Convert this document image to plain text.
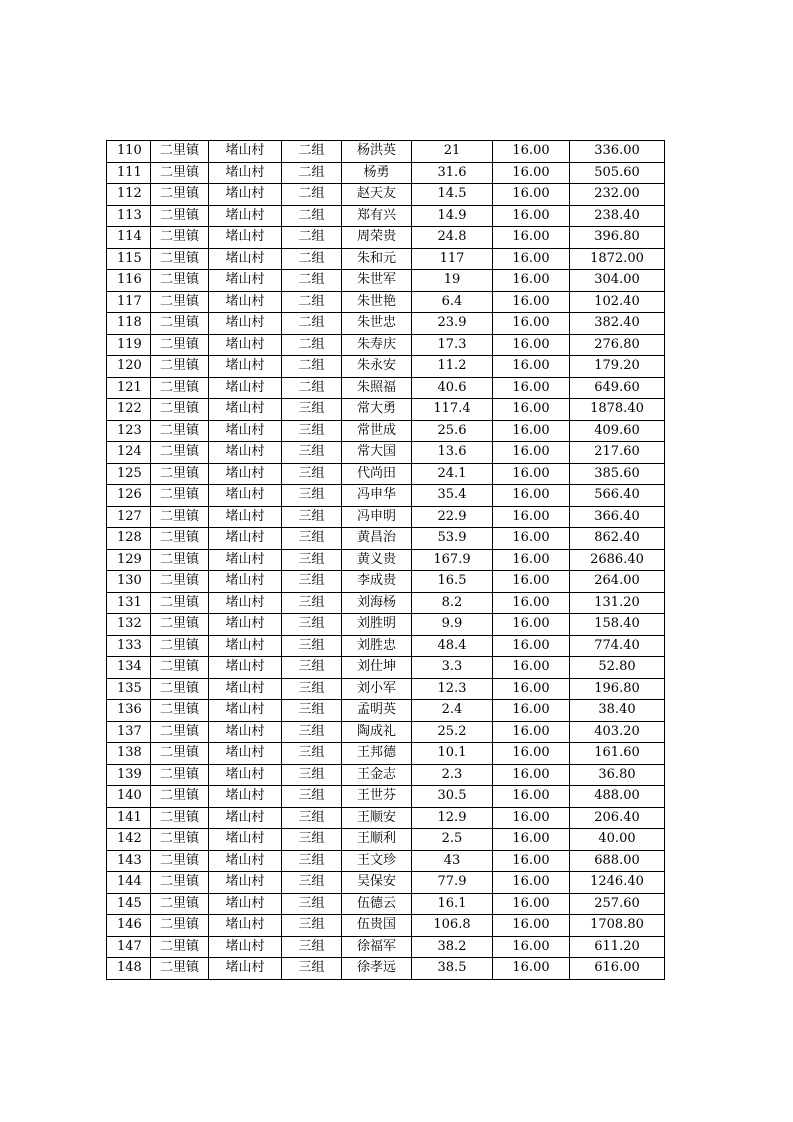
110	二里镇	堵山村	二组	杨洪英	21	16.00	336.00
111	二里镇	堵山村	二组	杨勇	31.6	16.00	505.60
112	二里镇	堵山村	二组	赵天友	14.5	16.00	232.00
113	二里镇	堵山村	二组	郑有兴	14.9	16.00	238.40
114	二里镇	堵山村	二组	周荣贵	24.8	16.00	396.80
115	二里镇	堵山村	二组	朱和元	117	16.00	1872.00
116	二里镇	堵山村	二组	朱世军	19	16.00	304.00
117	二里镇	堵山村	二组	朱世艳	6.4	16.00	102.40
118	二里镇	堵山村	二组	朱世忠	23.9	16.00	382.40
119	二里镇	堵山村	二组	朱寿庆	17.3	16.00	276.80
120	二里镇	堵山村	二组	朱永安	11.2	16.00	179.20
121	二里镇	堵山村	二组	朱照福	40.6	16.00	649.60
122	二里镇	堵山村	三组	常大勇	117.4	16.00	1878.40
123	二里镇	堵山村	三组	常世成	25.6	16.00	409.60
124	二里镇	堵山村	三组	常大国	13.6	16.00	217.60
125	二里镇	堵山村	三组	代尚田	24.1	16.00	385.60
126	二里镇	堵山村	三组	冯申华	35.4	16.00	566.40
127	二里镇	堵山村	三组	冯申明	22.9	16.00	366.40
128	二里镇	堵山村	三组	黄昌治	53.9	16.00	862.40
129	二里镇	堵山村	三组	黄义贵	167.9	16.00	2686.40
130	二里镇	堵山村	三组	李成贵	16.5	16.00	264.00
131	二里镇	堵山村	三组	刘海杨	8.2	16.00	131.20
132	二里镇	堵山村	三组	刘胜明	9.9	16.00	158.40
133	二里镇	堵山村	三组	刘胜忠	48.4	16.00	774.40
134	二里镇	堵山村	三组	刘仕坤	3.3	16.00	52.80
135	二里镇	堵山村	三组	刘小军	12.3	16.00	196.80
136	二里镇	堵山村	三组	孟明英	2.4	16.00	38.40
137	二里镇	堵山村	三组	陶成礼	25.2	16.00	403.20
138	二里镇	堵山村	三组	王邦德	10.1	16.00	161.60
139	二里镇	堵山村	三组	王金志	2.3	16.00	36.80
140	二里镇	堵山村	三组	王世芬	30.5	16.00	488.00
141	二里镇	堵山村	三组	王顺安	12.9	16.00	206.40
142	二里镇	堵山村	三组	王顺利	2.5	16.00	40.00
143	二里镇	堵山村	三组	王文珍	43	16.00	688.00
144	二里镇	堵山村	三组	吴保安	77.9	16.00	1246.40
145	二里镇	堵山村	三组	伍德云	16.1	16.00	257.60
146	二里镇	堵山村	三组	伍贵国	106.8	16.00	1708.80
147	二里镇	堵山村	三组	徐福军	38.2	16.00	611.20
148	二里镇	堵山村	三组	徐孝远	38.5	16.00	616.00
